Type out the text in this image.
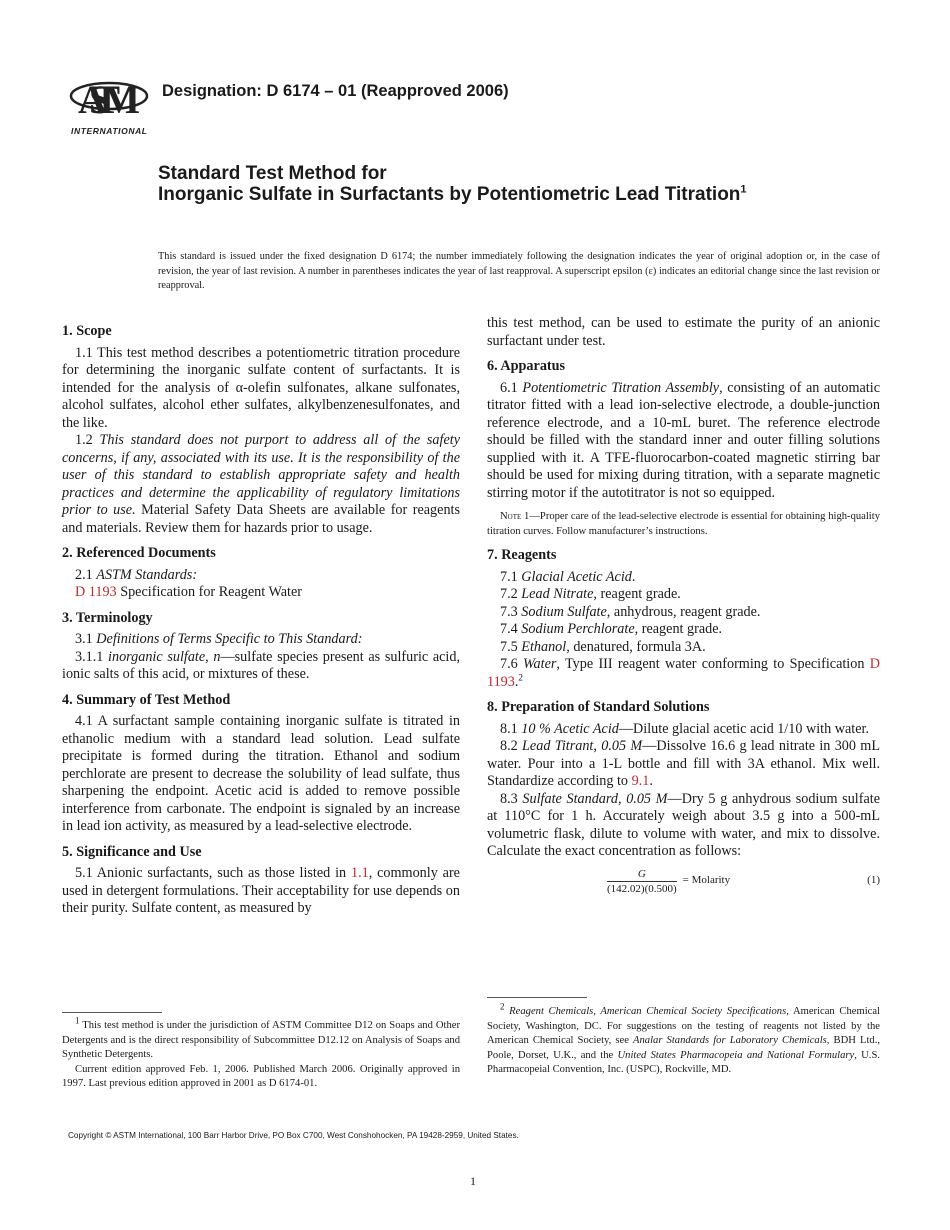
ASTM
INTERNATIONAL
Designation: D 6174 – 01 (Reapproved 2006)
Standard Test Method for
Inorganic Sulfate in Surfactants by Potentiometric Lead Titration$^1$
This standard is issued under the fixed designation D 6174; the number immediately following the designation indicates the year of original adoption or, in the case of revision, the year of last revision. A number in parentheses indicates the year of last reapproval. A superscript epsilon (ε) indicates an editorial change since the last revision or reapproval.
1. Scope

1.1 This test method describes a potentiometric titration procedure for determining the inorganic sulfate content of surfactants. It is intended for the analysis of α-olefin sulfonates, alkane sulfonates, alcohol sulfates, alcohol ether sulfates, alkylbenzenesulfonates, and the like.

1.2 This standard does not purport to address all of the safety concerns, if any, associated with its use. It is the responsibility of the user of this standard to establish appropriate safety and health practices and determine the applicability of regulatory limitations prior to use. Material Safety Data Sheets are available for reagents and materials. Review them for hazards prior to usage.

2. Referenced Documents

2.1 ASTM Standards:

D 1193 Specification for Reagent Water

3. Terminology

3.1 Definitions of Terms Specific to This Standard:

3.1.1 inorganic sulfate, n—sulfate species present as sulfuric acid, ionic salts of this acid, or mixtures of these.

4. Summary of Test Method

4.1 A surfactant sample containing inorganic sulfate is titrated in ethanolic medium with a standard lead solution. Lead sulfate precipitate is formed during the titration. Ethanol and sodium perchlorate are present to decrease the solubility of lead sulfate, thus sharpening the endpoint. Acetic acid is added to remove possible interference from carbonate. The endpoint is signaled by an increase in lead ion activity, as measured by a lead-selective electrode.

5. Significance and Use

5.1 Anionic surfactants, such as those listed in 1.1, commonly are used in detergent formulations. Their acceptability for use depends on their purity. Sulfate content, as measured by

this test method, can be used to estimate the purity of an anionic surfactant under test.

6. Apparatus

6.1 Potentiometric Titration Assembly, consisting of an automatic titrator fitted with a lead ion-selective electrode, a double-junction reference electrode, and a 10-mL buret. The reference electrode should be filled with the standard inner and outer filling solutions supplied with it. A TFE-fluorocarbon-coated magnetic stirring bar should be used for mixing during titration, with a separate magnetic stirring motor if the autotitrator is not so equipped.

Note 1—Proper care of the lead-selective electrode is essential for obtaining high-quality titration curves. Follow manufacturer’s instructions.

7. Reagents

7.1 Glacial Acetic Acid.

7.2 Lead Nitrate, reagent grade.

7.3 Sodium Sulfate, anhydrous, reagent grade.

7.4 Sodium Perchlorate, reagent grade.

7.5 Ethanol, denatured, formula 3A.

7.6 Water, Type III reagent water conforming to Specification D 1193.$^2$

8. Preparation of Standard Solutions

8.1 10 % Acetic Acid—Dilute glacial acetic acid 1/10 with water.

8.2 Lead Titrant, 0.05 M—Dissolve 16.6 g lead nitrate in 300 mL water. Pour into a 1-L bottle and fill with 3A ethanol. Mix well. Standardize according to 9.1.

8.3 Sulfate Standard, 0.05 M—Dry 5 g anhydrous sodium sulfate at 110°C for 1 h. Accurately weigh about 3.5 g into a 500-mL volumetric flask, dilute to volume with water, and mix to dissolve. Calculate the exact concentration as follows:

$\frac{G}{(142.02)(0.500)}$ = Molarity	(1)

$^1$ This test method is under the jurisdiction of ASTM Committee D12 on Soaps and Other Detergents and is the direct responsibility of Subcommittee D12.12 on Analysis of Soaps and Synthetic Detergents.

Current edition approved Feb. 1, 2006. Published March 2006. Originally approved in 1997. Last previous edition approved in 2001 as D 6174-01.

$^2$ Reagent Chemicals, American Chemical Society Specifications, American Chemical Society, Washington, DC. For suggestions on the testing of reagents not listed by the American Chemical Society, see Analar Standards for Laboratory Chemicals, BDH Ltd., Poole, Dorset, U.K., and the United States Pharmacopeia and National Formulary, U.S. Pharmacopeial Convention, Inc. (USPC), Rockville, MD.

Copyright © ASTM International, 100 Barr Harbor Drive, PO Box C700, West Conshohocken, PA 19428-2959, United States.
1
